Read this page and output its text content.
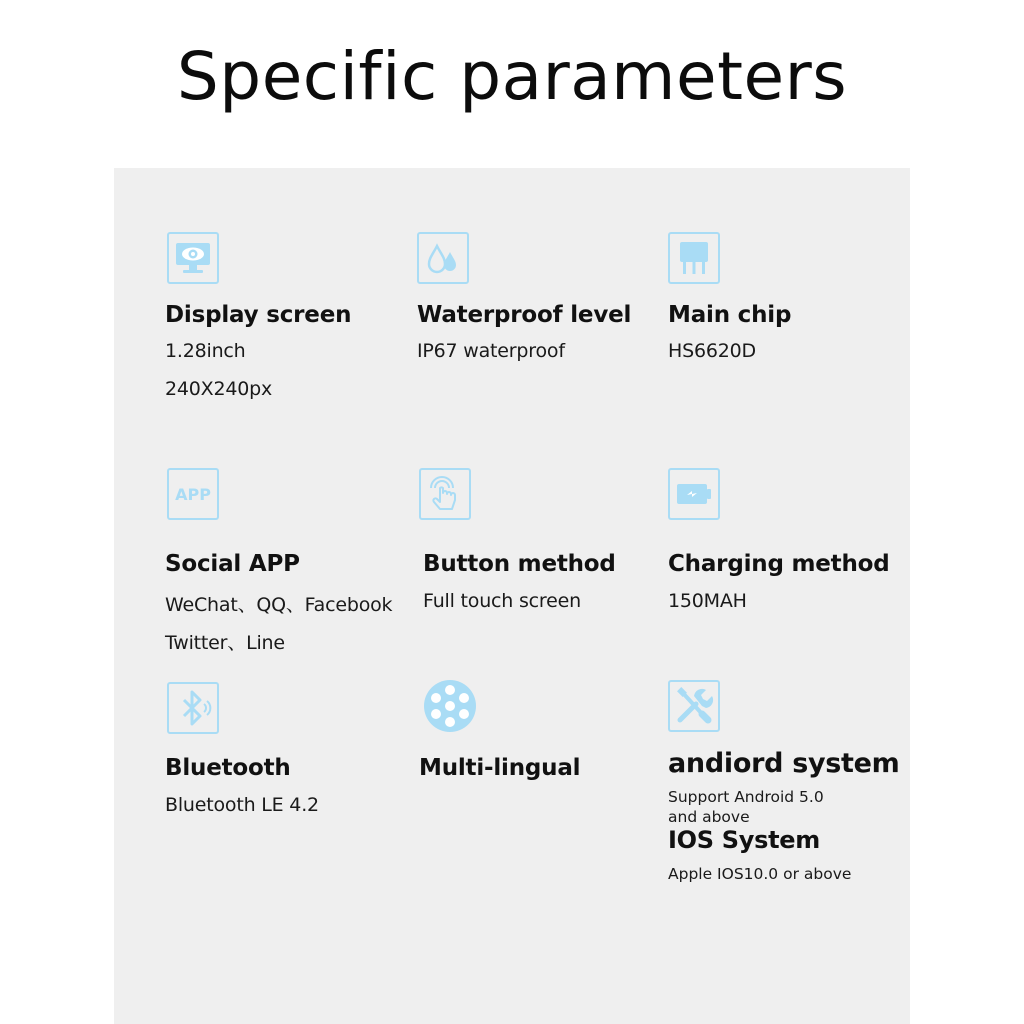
Specific parameters

Display screen

1.28inch

240X240px

Waterproof level

IP67 waterproof

Main chip

HS6620D

APP

Social APP

WeChat、QQ、Facebook

Twitter、Line

Button method

Full touch screen

Charging method

150MAH

Bluetooth

Bluetooth LE 4.2

Multi-lingual	andiord system

Support Android 5.0

and above

IOS System

Apple IOS10.0 or above
